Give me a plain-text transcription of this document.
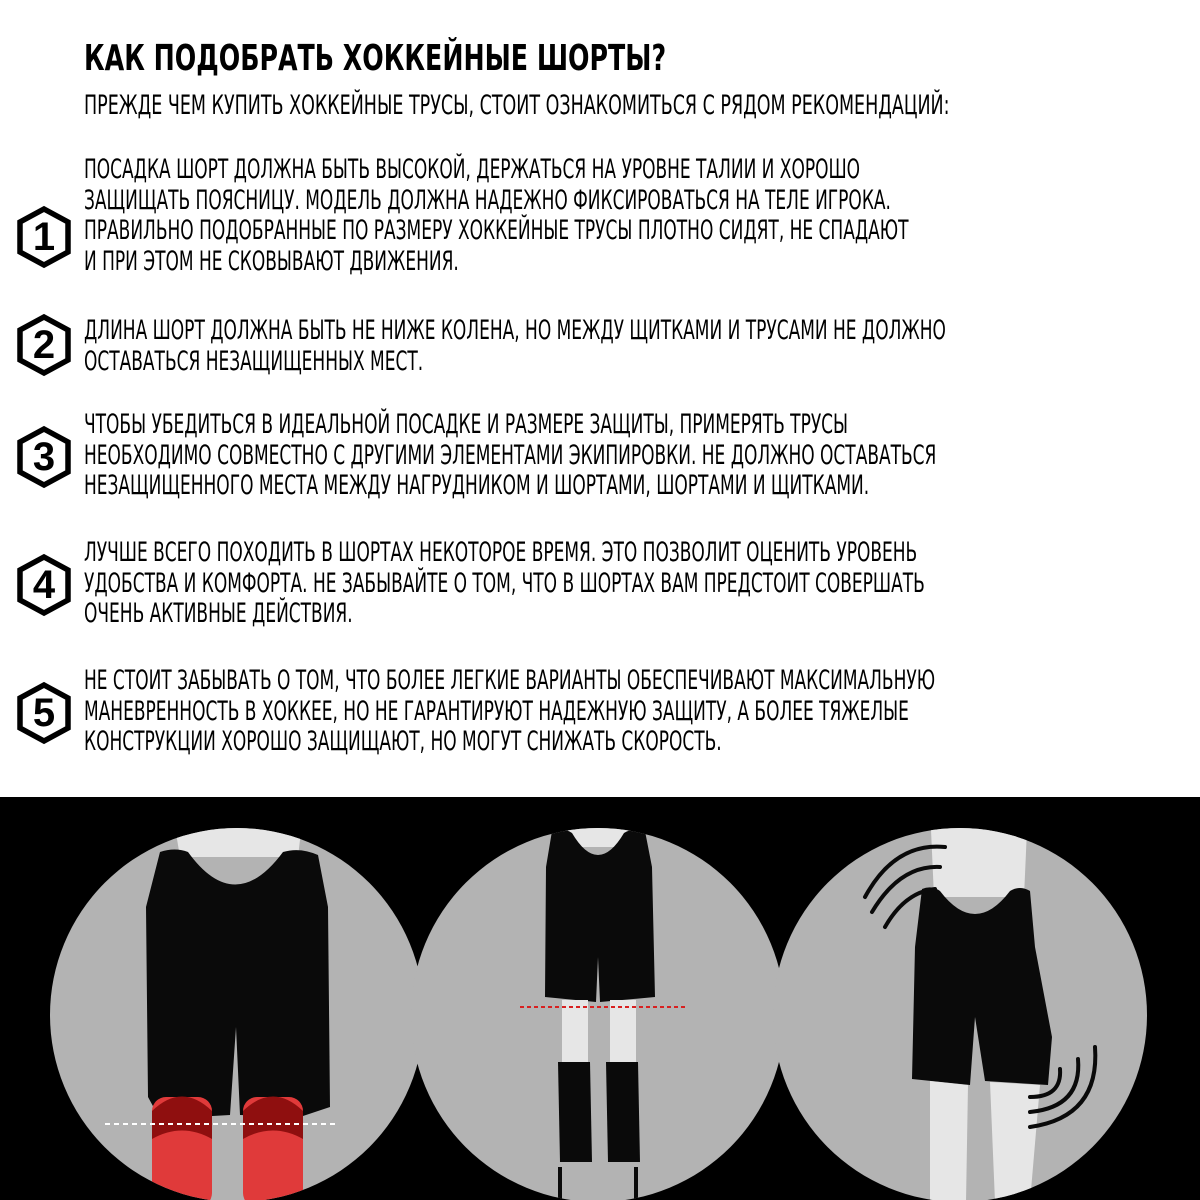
КАК ПОДОБРАТЬ ХОККЕЙНЫЕ ШОРТЫ?

ПРЕЖДЕ ЧЕМ КУПИТЬ ХОККЕЙНЫЕ ТРУСЫ, СТОИТ ОЗНАКОМИТЬСЯ С РЯДОМ РЕКОМЕНДАЦИЙ:

1
ПОСАДКА ШОРТ ДОЛЖНА БЫТЬ ВЫСОКОЙ, ДЕРЖАТЬСЯ НА УРОВНЕ ТАЛИИ И ХОРОШО
ЗАЩИЩАТЬ ПОЯСНИЦУ. МОДЕЛЬ ДОЛЖНА НАДЕЖНО ФИКСИРОВАТЬСЯ НА ТЕЛЕ ИГРОКА.
ПРАВИЛЬНО ПОДОБРАННЫЕ ПО РАЗМЕРУ ХОККЕЙНЫЕ ТРУСЫ ПЛОТНО СИДЯТ, НЕ СПАДАЮТ
И ПРИ ЭТОМ НЕ СКОВЫВАЮТ ДВИЖЕНИЯ.
2 ДЛИНА ШОРТ ДОЛЖНА БЫТЬ НЕ НИЖЕ КОЛЕНА, НО МЕЖДУ ЩИТКАМИ И ТРУСАМИ НЕ ДОЛЖНО
ОСТАВАТЬСЯ НЕЗАЩИЩЕННЫХ МЕСТ.
3
ЧТОБЫ УБЕДИТЬСЯ В ИДЕАЛЬНОЙ ПОСАДКЕ И РАЗМЕРЕ ЗАЩИТЫ, ПРИМЕРЯТЬ ТРУСЫ
НЕОБХОДИМО СОВМЕСТНО С ДРУГИМИ ЭЛЕМЕНТАМИ ЭКИПИРОВКИ. НЕ ДОЛЖНО ОСТАВАТЬСЯ
НЕЗАЩИЩЕННОГО МЕСТА МЕЖДУ НАГРУДНИКОМ И ШОРТАМИ, ШОРТАМИ И ЩИТКАМИ.
4
ЛУЧШЕ ВСЕГО ПОХОДИТЬ В ШОРТАХ НЕКОТОРОЕ ВРЕМЯ. ЭТО ПОЗВОЛИТ ОЦЕНИТЬ УРОВЕНЬ
УДОБСТВА И КОМФОРТА. НЕ ЗАБЫВАЙТЕ О ТОМ, ЧТО В ШОРТАХ ВАМ ПРЕДСТОИТ СОВЕРШАТЬ
ОЧЕНЬ АКТИВНЫЕ ДЕЙСТВИЯ.
5
НЕ СТОИТ ЗАБЫВАТЬ О ТОМ, ЧТО БОЛЕЕ ЛЕГКИЕ ВАРИАНТЫ ОБЕСПЕЧИВАЮТ МАКСИМАЛЬНУЮ
МАНЕВРЕННОСТЬ В ХОККЕЕ, НО НЕ ГАРАНТИРУЮТ НАДЕЖНУЮ ЗАЩИТУ, А БОЛЕЕ ТЯЖЕЛЫЕ
КОНСТРУКЦИИ ХОРОШО ЗАЩИЩАЮТ, НО МОГУТ СНИЖАТЬ СКОРОСТЬ.
